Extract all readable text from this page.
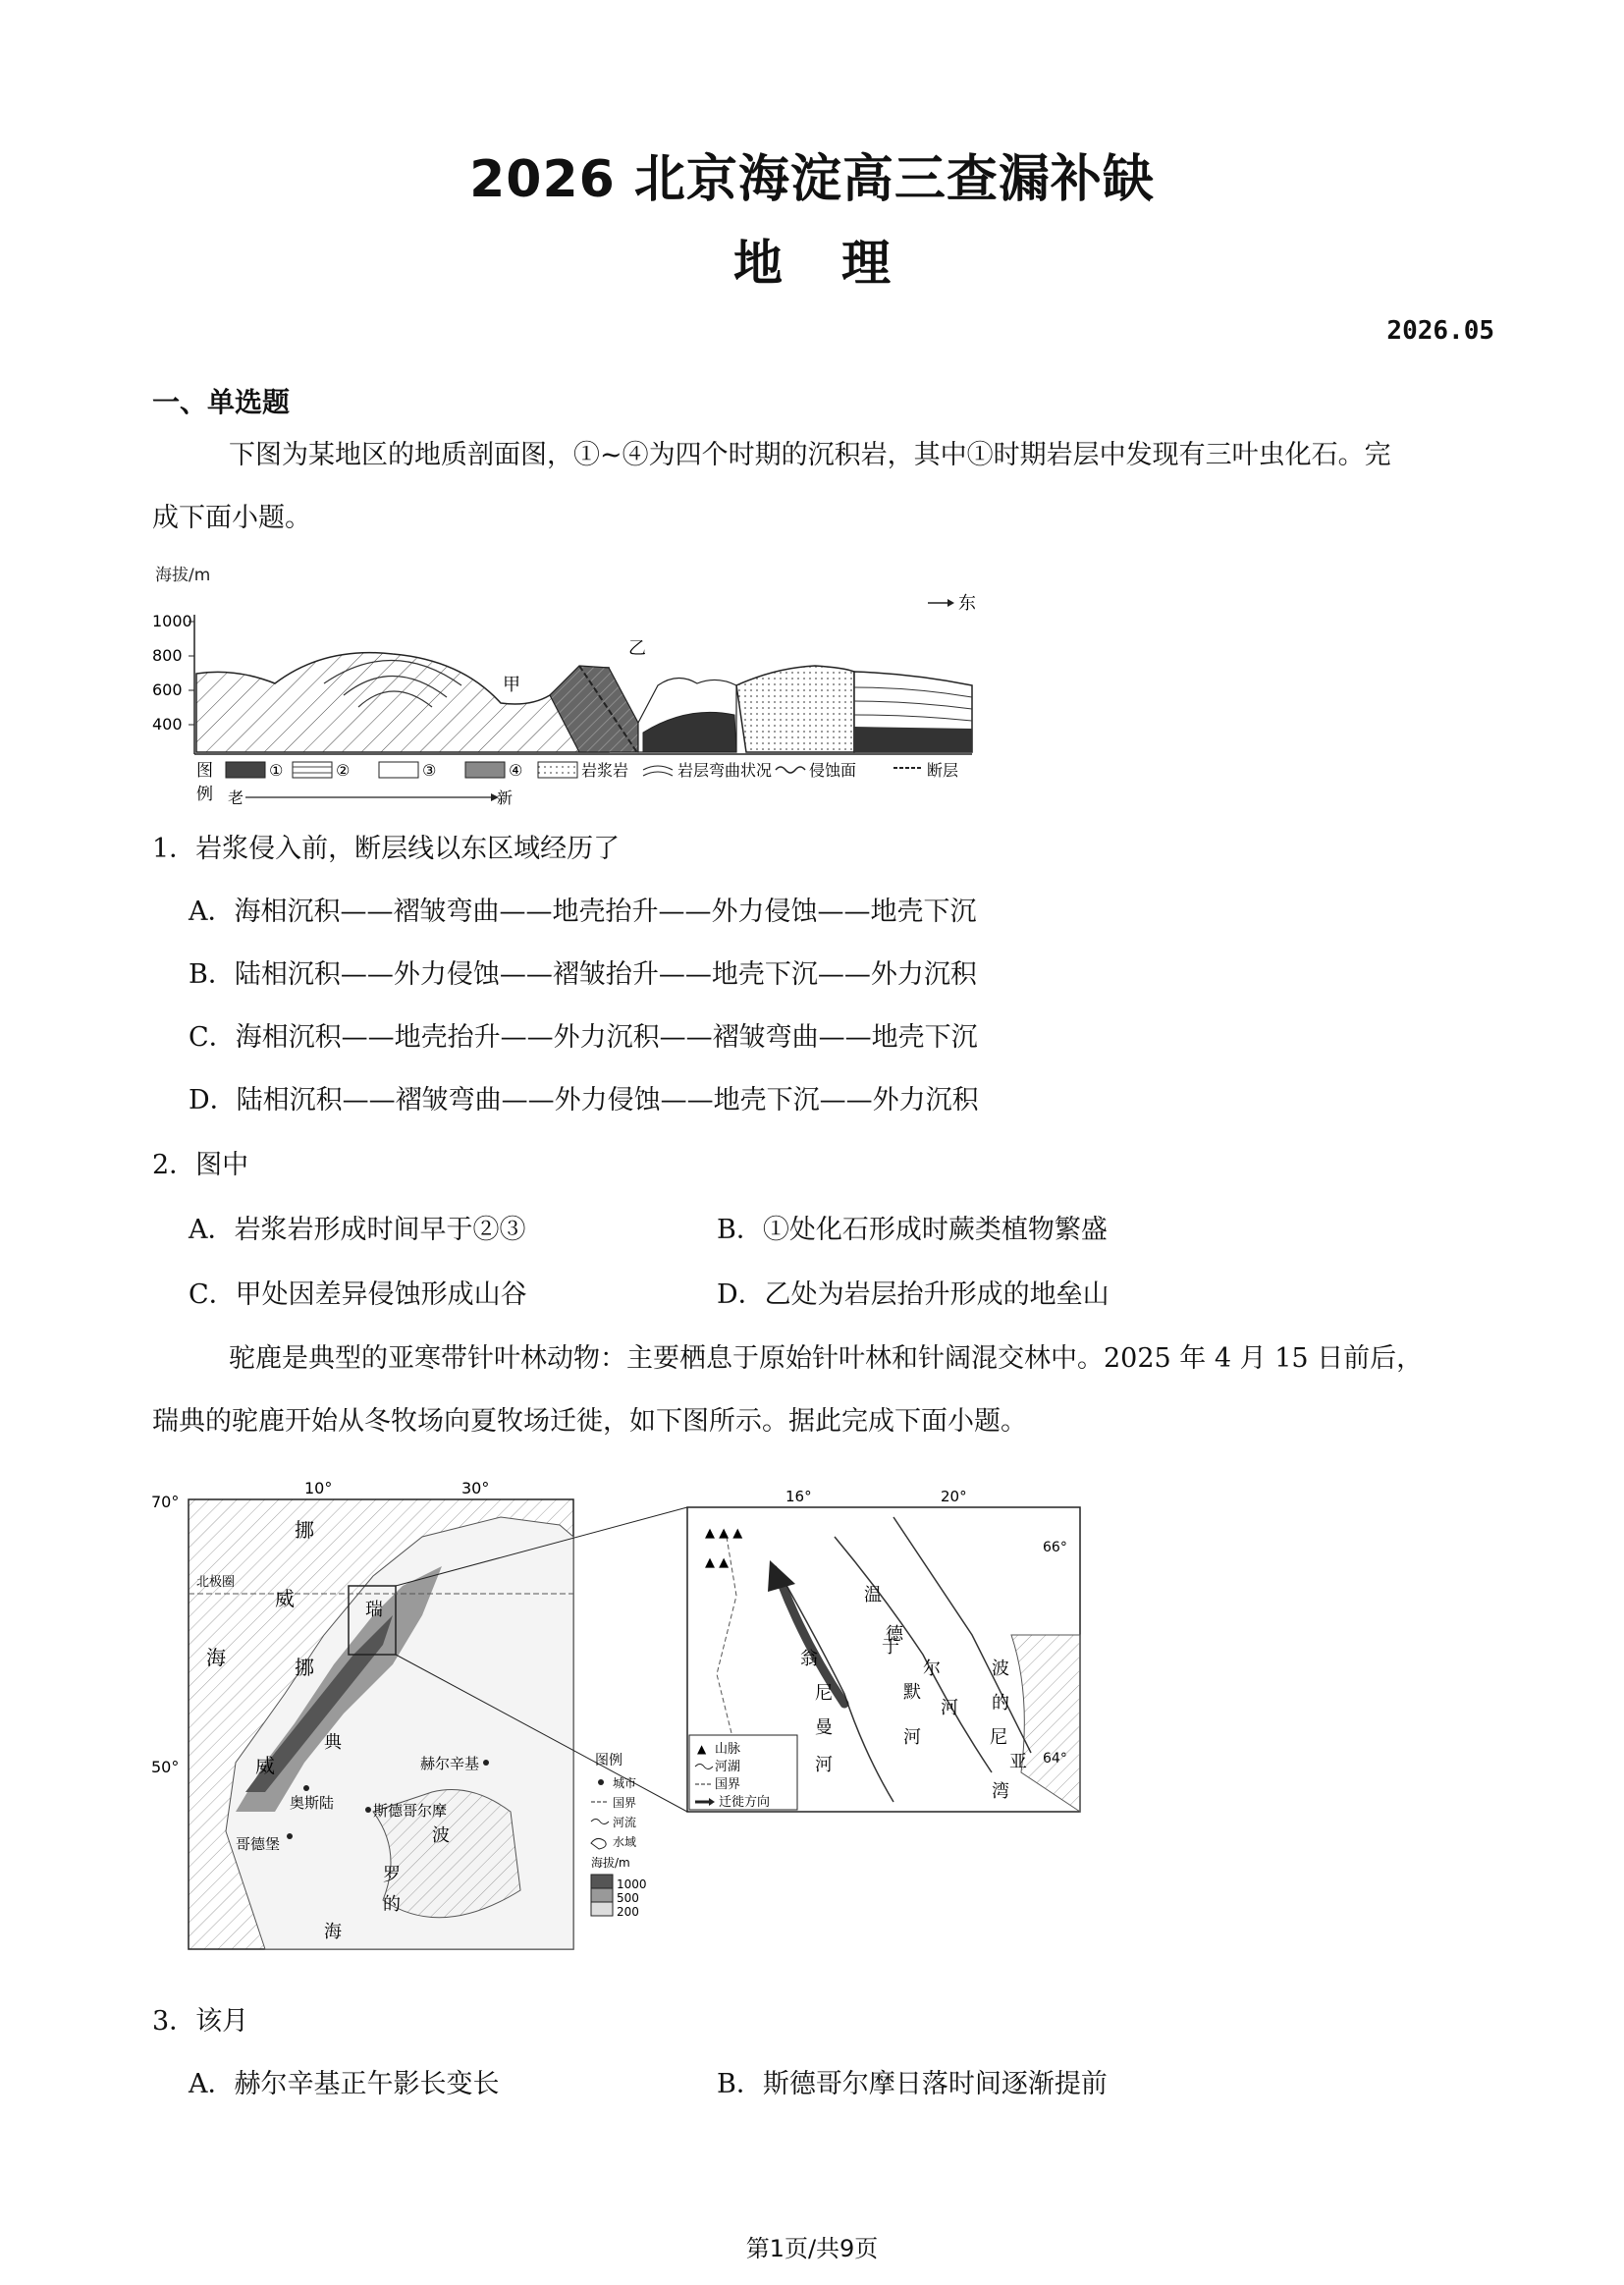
2026 北京海淀高三查漏补缺
地理
2026.05
一、单选题
下图为某地区的地质剖面图，①~④为四个时期的沉积岩，其中①时期岩层中发现有三叶虫化石。完
成下面小题。
海拔/m
1000
800
600
400
甲
乙
东
图
例
①	②	③	④	岩浆岩	岩层弯曲状况 侵蚀面	断层
老	新
1．岩浆侵入前，断层线以东区域经历了
A．海相沉积——褶皱弯曲——地壳抬升——外力侵蚀——地壳下沉
B．陆相沉积——外力侵蚀——褶皱抬升——地壳下沉——外力沉积
C．海相沉积——地壳抬升——外力沉积——褶皱弯曲——地壳下沉
D．陆相沉积——褶皱弯曲——外力侵蚀——地壳下沉——外力沉积
2．图中
A．岩浆岩形成时间早于②③	B．①处化石形成时蕨类植物繁盛
C．甲处因差异侵蚀形成山谷	D．乙处为岩层抬升形成的地垒山
驼鹿是典型的亚寒带针叶林动物：主要栖息于原始针叶林和针阔混交林中。2025 年 4 月 15 日前后，
瑞典的驼鹿开始从冬牧场向夏牧场迁徙，如下图所示。据此完成下面小题。
10°	30°
70°
50°
北极圈
挪
威
海	挪
威
瑞
典
波
罗
的
海
赫尔辛基
奥斯陆	斯德哥尔摩
哥德堡
图例
城市
国界
河流
水域
海拔/m
1000
500
200
16°	20°
66°
▲ ▲ ▲
▲ ▲
翁
尼
曼
河
于
默
河
温
德
尔
河
波
的
尼
亚
湾
▲ 山脉
河湖
国界
迁徙方向
3．该月
A．赫尔辛基正午影长变长	B．斯德哥尔摩日落时间逐渐提前
第1页/共9页
